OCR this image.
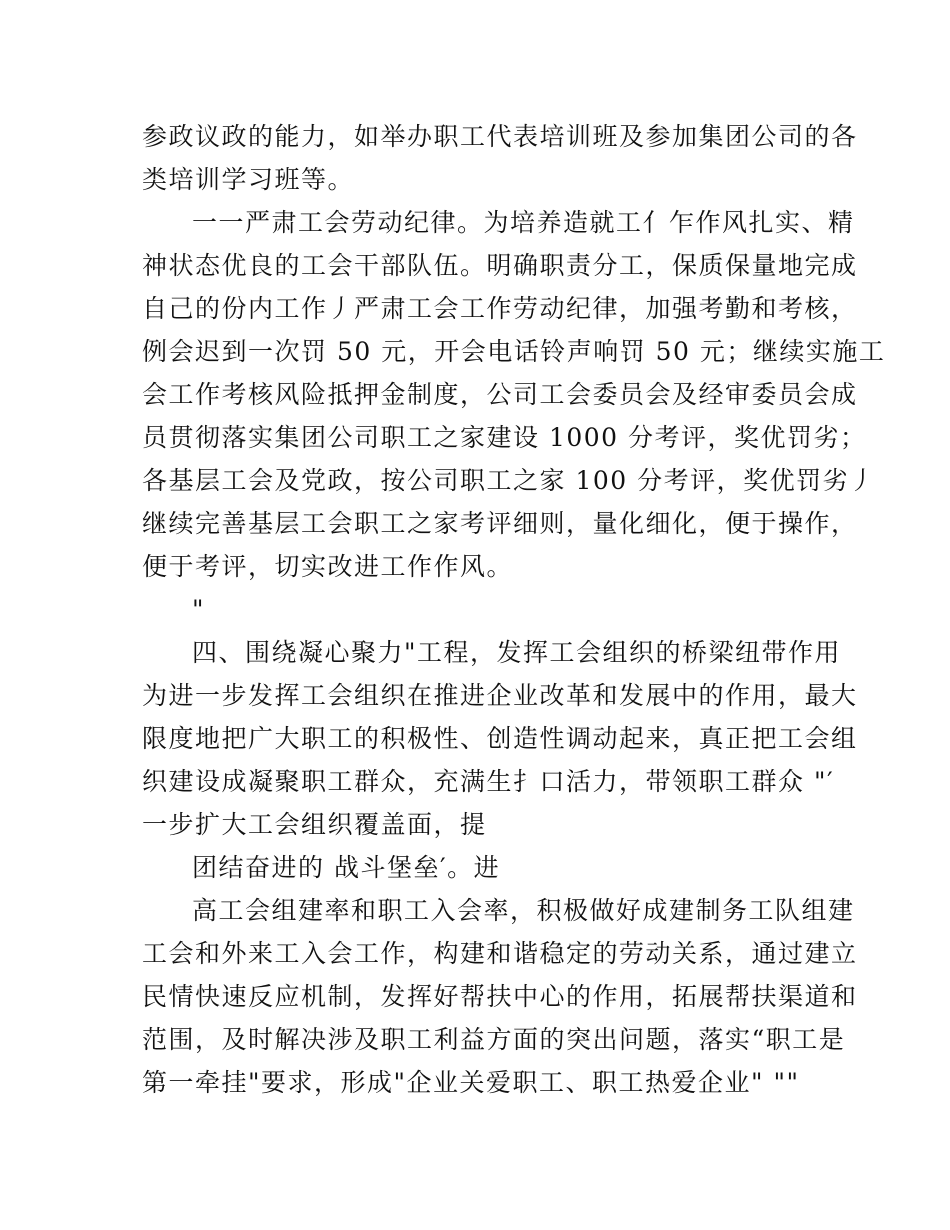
参政议政的能力，如举办职工代表培训班及参加集团公司的各
类培训学习班等。
一一严肃工会劳动纪律。为培养造就工亻乍作风扎实、精
神状态优良的工会干部队伍。明确职责分工，保质保量地完成
自己的份内工作丿严肃工会工作劳动纪律，加强考勤和考核，
例会迟到一次罚 50 元，开会电话铃声响罚 50 元；继续实施工
会工作考核风险抵押金制度，公司工会委员会及经审委员会成
员贯彻落实集团公司职工之家建设 1000 分考评，奖优罚劣；
各基层工会及党政，按公司职工之家 100 分考评，奖优罚劣丿
继续完善基层工会职工之家考评细则，量化细化，便于操作，
便于考评，切实改进工作作风。
"
四、围绕凝心聚力"工程，发挥工会组织的桥梁纽带作用
为进一步发挥工会组织在推进企业改革和发展中的作用，最大
限度地把广大职工的积极性、创造性调动起来，真正把工会组
织建设成凝聚职工群众，充满生扌口活力，带领职工群众 "′
一步扩大工会组织覆盖面，提
团结奋进的 战斗堡垒′。进
高工会组建率和职工入会率，积极做好成建制务工队组建
工会和外来工入会工作，构建和谐稳定的劳动关系，通过建立
民情快速反应机制，发挥好帮扶中心的作用，拓展帮扶渠道和
范围，及时解决涉及职工利益方面的突出问题，落实“职工是
第一牵挂"要求，形成"企业关爱职工、职工热爱企业" ""
